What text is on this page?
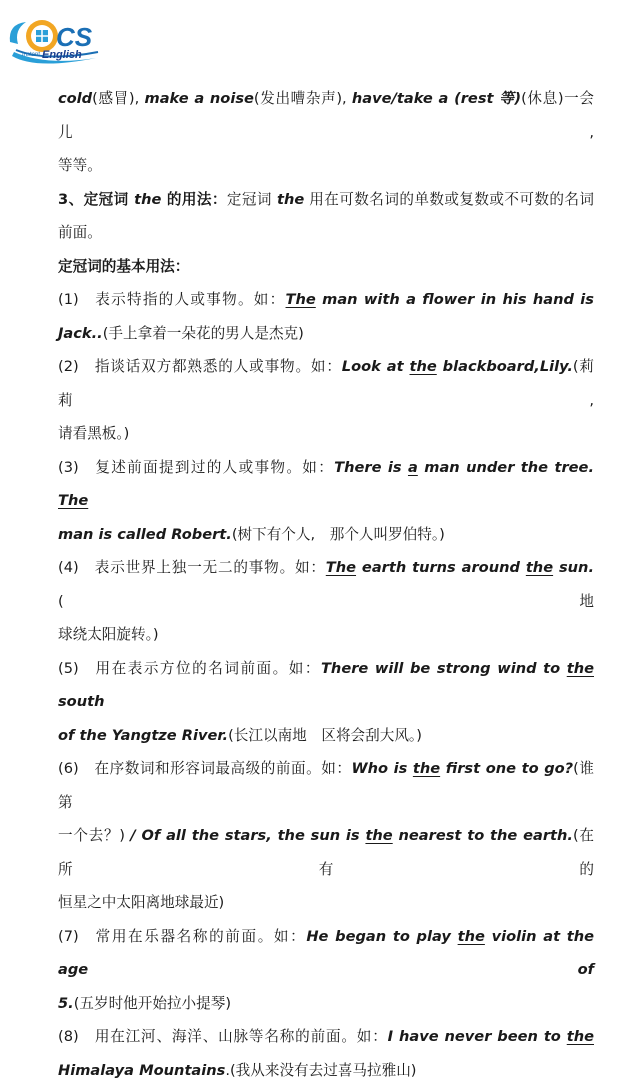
CS
Instant English

cold(感冒), make a noise(发出嘈杂声), have/take a (rest 等)(休息)一会儿,

等等。

3、定冠词 the 的用法：定冠词 the 用在可数名词的单数或复数或不可数的名词

前面。

定冠词的基本用法：

(1) 表示特指的人或事物。如：The man with a flower in his hand is

Jack..(手上拿着一朵花的男人是杰克)

(2) 指谈话双方都熟悉的人或事物。如：Look at the blackboard,Lily.(莉莉,

请看黑板。)

(3) 复述前面提到过的人或事物。如：There is a man under the tree. The

man is called Robert.(树下有个人,　那个人叫罗伯特。)

(4) 表示世界上独一无二的事物。如：The earth turns around the sun.(地

球绕太阳旋转。)

(5) 用在表示方位的名词前面。如：There will be strong wind to the south

of the Yangtze River.(长江以南地　区将会刮大风。)

(6) 在序数词和形容词最高级的前面。如：Who is the first one to go?(谁第

一个去？) / Of all the stars, the sun is the nearest to the earth.(在所有的

恒星之中太阳离地球最近)

(7) 常用在乐器名称的前面。如：He began to play the violin at the age of

5.(五岁时他开始拉小提琴)

(8) 用在江河、海洋、山脉等名称的前面。如：I have never been to the

Himalaya Mountains.(我从来没有去过喜马拉雅山)
